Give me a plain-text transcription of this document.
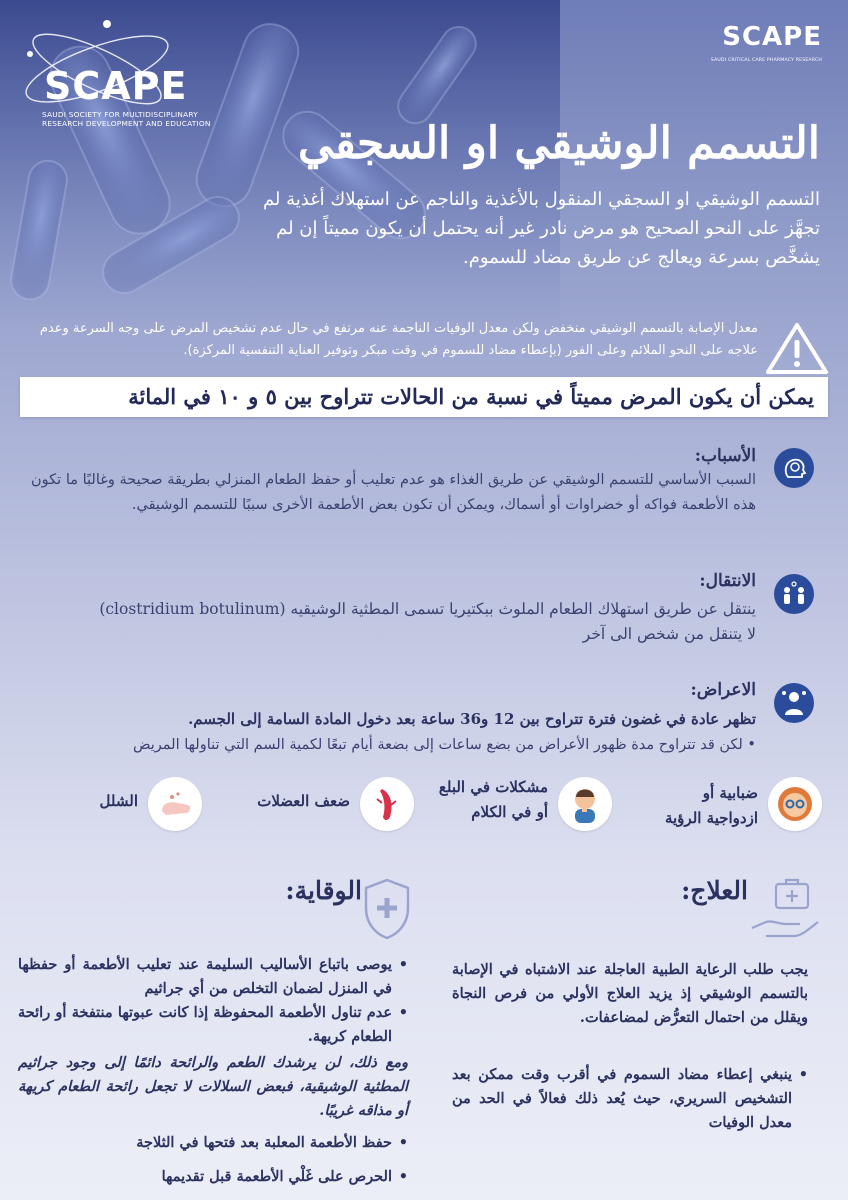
SCAPE
SAUDI SOCIETY FOR MULTIDISCIPLINARY RESEARCH DEVELOPMENT AND EDUCATION
SCAPE
SAUDI CRITICAL CARE PHARMACY RESEARCH
التسمم الوشيقي او السجقي

التسمم الوشيقي او السجقي المنقول بالأغذية والناجم عن استهلاك أغذية لم تجهَّز على النحو الصحيح هو مرض نادر غير أنه يحتمل أن يكون مميتاً إن لم يشخَّص بسرعة ويعالج عن طريق مضاد للسموم.

معدل الإصابة بالتسمم الوشيقي منخفض ولكن معدل الوفيات الناجمة عنه مرتفع في حال عدم تشخيص المرض على وجه السرعة وعدم علاجه على النحو الملائم وعلى الفور (بإعطاء مضاد للسموم في وقت مبكر وتوفير العناية التنفسية المركزة).

يمكن أن يكون المرض مميتاً في نسبة من الحالات تتراوح بين ٥ و ١٠ في المائة
الأسباب:

السبب الأساسي للتسمم الوشيقي عن طريق الغذاء هو عدم تعليب أو حفظ الطعام المنزلي بطريقة صحيحة وغالبًا ما تكون هذه الأطعمة فواكه أو خضراوات أو أسماك، ويمكن أن تكون بعض الأطعمة الأخرى سببًا للتسمم الوشيقي.

الانتقال:
ينتقل عن طريق استهلاك الطعام الملوث ببكتيريا تسمى المطثية الوشيقيه (clostridium botulinum)
لا يتنقل من شخص الى آخر
الاعراض:

تظهر عادة في غضون فترة تتراوح بين 12 و36 ساعة بعد دخول المادة السامة إلى الجسم.

• لكن قد تتراوح مدة ظهور الأعراض من بضع ساعات إلى بضعة أيام تبعًا لكمية السم التي تناولها المريض

ضبابية أو
ازدواجية الرؤية
مشكلات في البلع
أو في الكلام
ضعف العضلات
الشلل
العلاج:
الوقاية:
يجب طلب الرعاية الطبية العاجلة عند الاشتباه في الإصابة بالتسمم الوشيقي إذ يزيد العلاج الأولي من فرص النجاة ويقلل من احتمال التعرُّض لمضاعفات.
• ينبغي إعطاء مضاد السموم في أقرب وقت ممكن بعد التشخيص السريري، حيث يُعد ذلك فعالاً في الحد من معدل الوفيات
• يوصى باتباع الأساليب السليمة عند تعليب الأطعمة أو حفظها في المنزل لضمان التخلص من أي جراثيم
• عدم تناول الأطعمة المحفوظة إذا كانت عبوتها منتفخة أو رائحة الطعام كريهة.

ومع ذلك، لن يرشدك الطعم والرائحة دائمًا إلى وجود جراثيم المطثية الوشيقية، فبعض السلالات لا تجعل رائحة الطعام كريهة أو مذاقه غريبًا.

• حفظ الأطعمة المعلبة بعد فتحها في الثلاجة
• الحرص على غَلْي الأطعمة قبل تقديمها
